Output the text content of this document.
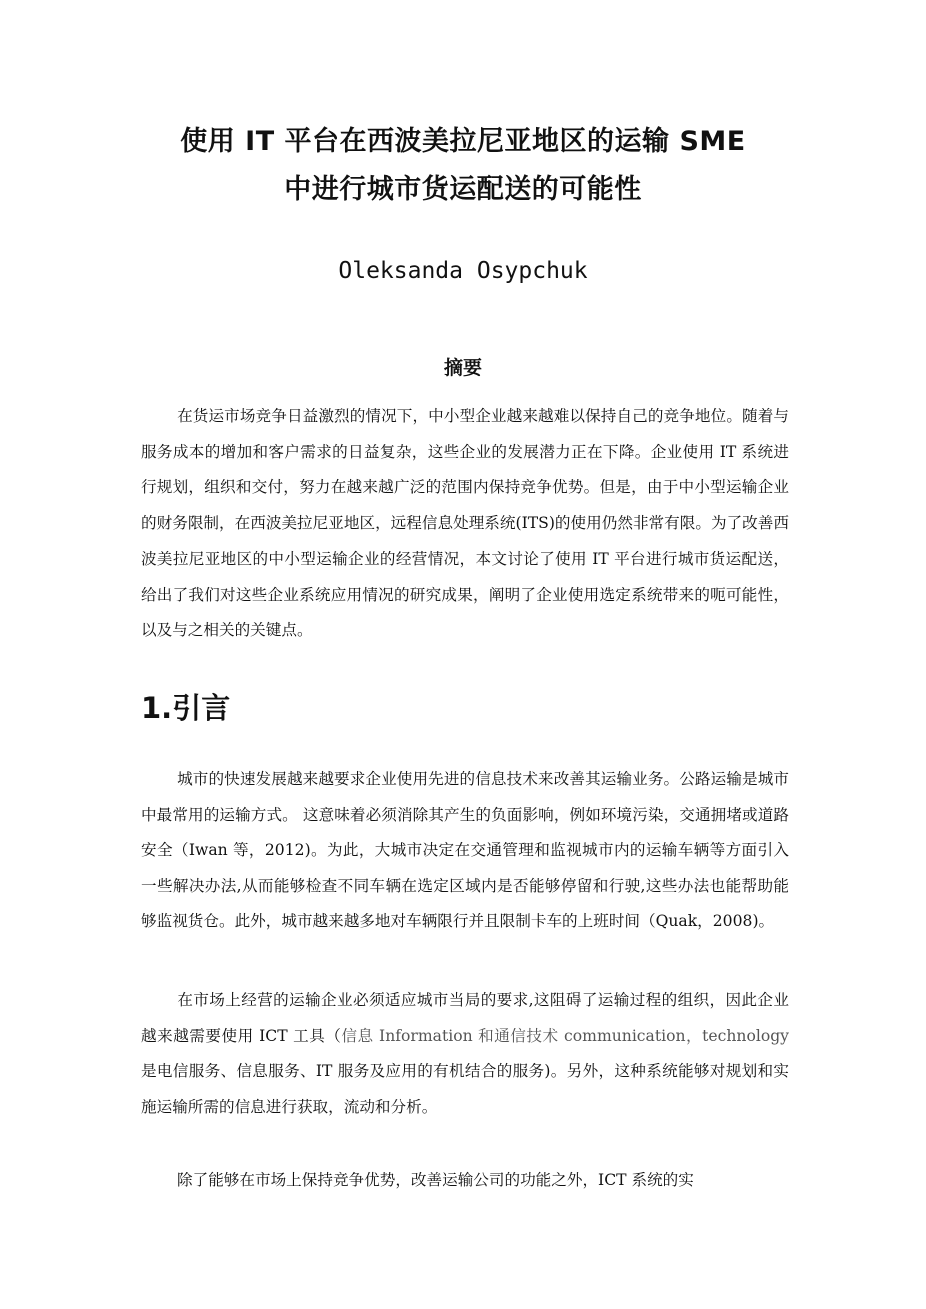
使用 IT 平台在西波美拉尼亚地区的运输 SME
中进行城市货运配送的可能性

Oleksanda Osypchuk

摘要

在货运市场竞争日益激烈的情况下，中小型企业越来越难以保持自己的竞争地位。随着与服务成本的增加和客户需求的日益复杂，这些企业的发展潜力正在下降。企业使用 IT 系统进行规划，组织和交付，努力在越来越广泛的范围内保持竞争优势。但是，由于中小型运输企业的财务限制，在西波美拉尼亚地区，远程信息处理系统(ITS)的使用仍然非常有限。为了改善西波美拉尼亚地区的中小型运输企业的经营情况，本文讨论了使用 IT 平台进行城市货运配送，给出了我们对这些企业系统应用情况的研究成果，阐明了企业使用选定系统带来的呃可能性，以及与之相关的关键点。

1.引言

城市的快速发展越来越要求企业使用先进的信息技术来改善其运输业务。公路运输是城市中最常用的运输方式。 这意味着必须消除其产生的负面影响，例如环境污染，交通拥堵或道路安全（Iwan 等，2012)。为此，大城市决定在交通管理和监视城市内的运输车辆等方面引入一些解决办法,从而能够检查不同车辆在选定区域内是否能够停留和行驶,这些办法也能帮助能够监视货仓。此外，城市越来越多地对车辆限行并且限制卡车的上班时间（Quak，2008)。

在市场上经营的运输企业必须适应城市当局的要求,这阻碍了运输过程的组织，因此企业越来越需要使用 ICT 工具（信息 Information 和通信技术 communication，technology是电信服务、信息服务、IT 服务及应用的有机结合的服务)。另外，这种系统能够对规划和实施运输所需的信息进行获取，流动和分析。

除了能够在市场上保持竞争优势，改善运输公司的功能之外，ICT 系统的实
